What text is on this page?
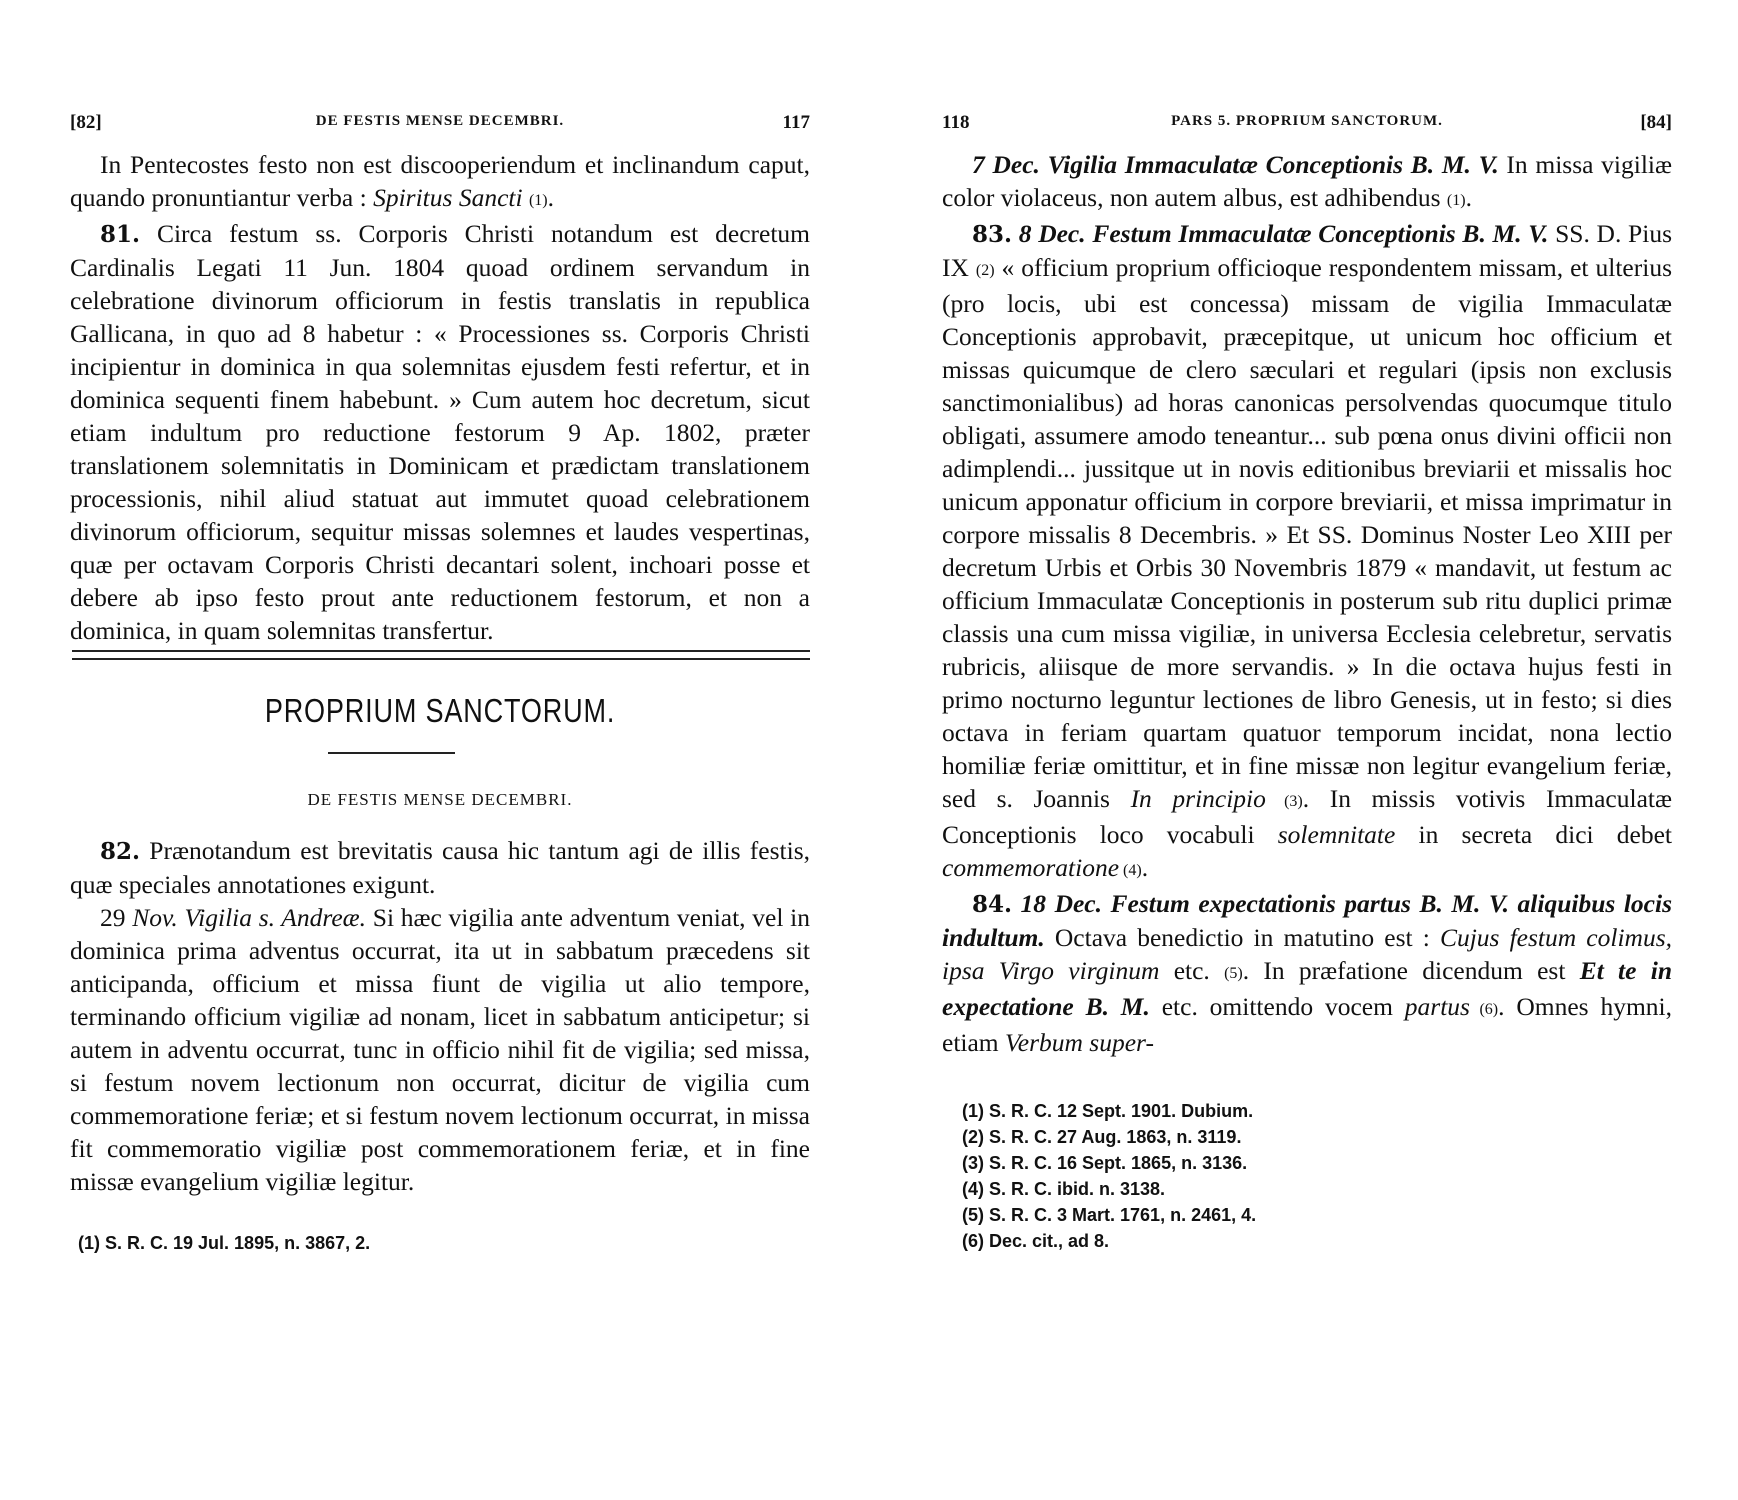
[82]	DE FESTIS MENSE DECEMBRI.	117

In Pentecostes festo non est discooperiendum et inclinandum caput, quando pronuntiantur verba : Spiritus Sancti (1).

81. Circa festum ss. Corporis Christi notandum est decretum Cardinalis Legati 11 Jun. 1804 quoad ordinem servandum in celebratione divinorum officiorum in festis translatis in republica Gallicana, in quo ad 8 habetur : « Processiones ss. Corporis Christi incipientur in dominica in qua solemnitas ejusdem festi refertur, et in dominica sequenti finem habebunt. » Cum autem hoc decretum, sicut etiam indultum pro reductione festorum 9 Ap. 1802, præter translationem solemnitatis in Dominicam et prædictam translationem processionis, nihil aliud statuat aut immutet quoad celebrationem divinorum officiorum, sequitur missas solemnes et laudes vespertinas, quæ per octavam Corporis Christi decantari solent, inchoari posse et debere ab ipso festo prout ante reductionem festorum, et non a dominica, in quam solemnitas transfertur.

PROPRIUM SANCTORUM.
DE FESTIS MENSE DECEMBRI.

82. Prænotandum est brevitatis causa hic tantum agi de illis festis, quæ speciales annotationes exigunt.

29 Nov. Vigilia s. Andreæ. Si hæc vigilia ante adventum veniat, vel in dominica prima adventus occurrat, ita ut in sabbatum præcedens sit anticipanda, officium et missa fiunt de vigilia ut alio tempore, terminando officium vigiliæ ad nonam, licet in sabbatum anticipetur; si autem in adventu occurrat, tunc in officio nihil fit de vigilia; sed missa, si festum novem lectionum non occurrat, dicitur de vigilia cum commemoratione feriæ; et si festum novem lectionum occurrat, in missa fit commemoratio vigiliæ post commemorationem feriæ, et in fine missæ evangelium vigiliæ legitur.

(1) S. R. C. 19 Jul. 1895, n. 3867, 2.
118	PARS 5. PROPRIUM SANCTORUM.	[84]

7 Dec. Vigilia Immaculatæ Conceptionis B. M. V. In missa vigiliæ color violaceus, non autem albus, est adhibendus (1).

83. 8 Dec. Festum Immaculatæ Conceptionis B. M. V. SS. D. Pius IX (2) « officium proprium officioque respondentem missam, et ulterius (pro locis, ubi est concessa) missam de vigilia Immaculatæ Conceptionis approbavit, præcepitque, ut unicum hoc officium et missas quicumque de clero sæculari et regulari (ipsis non exclusis sanctimonialibus) ad horas canonicas persolvendas quocumque titulo obligati, assumere amodo teneantur... sub pœna onus divini officii non adimplendi... jussitque ut in novis editionibus breviarii et missalis hoc unicum apponatur officium in corpore breviarii, et missa imprimatur in corpore missalis 8 Decembris. » Et SS. Dominus Noster Leo XIII per decretum Urbis et Orbis 30 Novembris 1879 « mandavit, ut festum ac officium Immaculatæ Conceptionis in posterum sub ritu duplici primæ classis una cum missa vigiliæ, in universa Ecclesia celebretur, servatis rubricis, aliisque de more servandis. » In die octava hujus festi in primo nocturno leguntur lectiones de libro Genesis, ut in festo; si dies octava in feriam quartam quatuor temporum incidat, nona lectio homiliæ feriæ omittitur, et in fine missæ non legitur evangelium feriæ, sed s. Joannis In principio (3). In missis votivis Immaculatæ Conceptionis loco vocabuli solemnitate in secreta dici debet commemoratione (4).

84. 18 Dec. Festum expectationis partus B. M. V. aliquibus locis indultum. Octava benedictio in matutino est : Cujus festum colimus, ipsa Virgo virginum etc. (5). In præfatione dicendum est Et te in expectatione B. M. etc. omittendo vocem partus (6). Omnes hymni, etiam Verbum super-

(1) S. R. C. 12 Sept. 1901. Dubium.
(2) S. R. C. 27 Aug. 1863, n. 3119.
(3) S. R. C. 16 Sept. 1865, n. 3136.
(4) S. R. C. ibid. n. 3138.
(5) S. R. C. 3 Mart. 1761, n. 2461, 4.
(6) Dec. cit., ad 8.
